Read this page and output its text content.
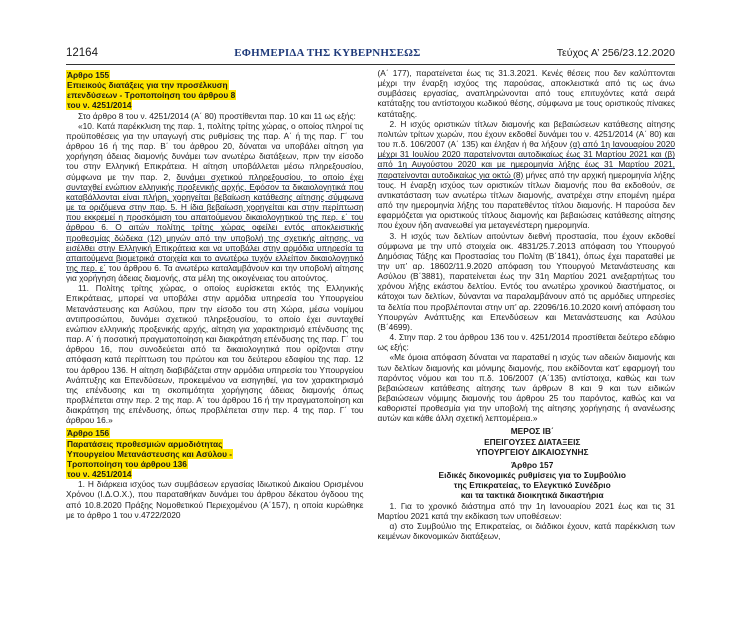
12164	ΕΦΗΜΕΡΙΔΑ ΤΗΣ ΚΥΒΕΡΝΗΣΕΩΣ	Τεύχος Α’ 256/23.12.2020
Άρθρο 155
Επιεικούς διατάξεις για την προσέλκυση
επενδύσεων - Τροποποίηση του άρθρου 8
του ν. 4251/2014

Στο άρθρο 8 του ν. 4251/2014 (Α΄ 80) προστίθενται παρ. 10 και 11 ως εξής:

«10. Κατά παρέκκλιση της παρ. 1, πολίτης τρίτης χώρας, ο οποίος πληροί τις προϋποθέσεις για την υπαγωγή στις ρυθμίσεις της παρ. Α΄ ή της παρ. Γ΄ του άρθρου 16 ή της παρ. Β΄ του άρθρου 20, δύναται να υποβάλει αίτηση για χορήγηση άδειας διαμονής δυνάμει των ανωτέρω διατάξεων, πριν την είσοδο του στην Ελληνική Επικράτεια. Η αίτηση υποβάλλεται μέσω πληρεξουσίου, σύμφωνα με την παρ. 2, δυνάμει σχετικού πληρεξουσίου, το οποίο έχει συνταχθεί ενώπιον ελληνικής προξενικής αρχής. Εφόσον τα δικαιολογητικά που καταβάλλονται είναι πλήρη, χορηγείται βεβαίωση κατάθεσης αίτησης σύμφωνα με τα οριζόμενα στην παρ. 5. Η ίδια βεβαίωση χορηγείται και στην περίπτωση που εκκρεμεί η προσκόμιση του απαιτούμενου δικαιολογητικού της περ. ε΄ του άρθρου 6. Ο αιτών πολίτης τρίτης χώρας οφείλει εντός αποκλειστικής προθεσμίας δώδεκα (12) μηνών από την υποβολή της σχετικής αίτησης, να εισέλθει στην Ελληνική Επικράτεια και να υποβάλει στην αρμόδια υπηρεσία τα απαιτούμενα βιομετρικά στοιχεία και το ανωτέρω τυχόν ελλείπον δικαιολογητικό της περ. ε΄ του άρθρου 6. Τα ανωτέρω καταλαμβάνουν και την υποβολή αίτησης για χορήγηση άδειας διαμονής, στα μέλη της οικογένειας του αιτούντος.

11. Πολίτης τρίτης χώρας, ο οποίος ευρίσκεται εκτός της Ελληνικής Επικράτειας, μπορεί να υποβάλει στην αρμόδια υπηρεσία του Υπουργείου Μετανάστευσης και Ασύλου, πριν την είσοδο του στη Χώρα, μέσω νομίμου αντιπροσώπου, δυνάμει σχετικού πληρεξουσίου, το οποίο έχει συνταχθεί ενώπιον ελληνικής προξενικής αρχής, αίτηση για χαρακτηρισμό επένδυσης της παρ. Α΄ ή ποσοτική πραγματοποίηση και διακράτηση επένδυσης της παρ. Γ΄ του άρθρου 16, που συνοδεύεται από τα δικαιολογητικά που ορίζονται στην απόφαση κατά περίπτωση του πρώτου και του δεύτερου εδαφίου της παρ. 12 του άρθρου 136. Η αίτηση διαβιβάζεται στην αρμόδια υπηρεσία του Υπουργείου Ανάπτυξης και Επενδύσεων, προκειμένου να εισηγηθεί, για τον χαρακτηρισμό της επένδυσης και τη σκοπιμότητα χορήγησης άδειας διαμονής όπως προβλέπεται στην περ. 2 της παρ. Α΄ του άρθρου 16 ή την πραγματοποίηση και διακράτηση της επένδυσης, όπως προβλέπεται στην περ. 4 της παρ. Γ΄ του άρθρου 16.»

Άρθρο 156
Παρατάσεις προθεσμιών αρμοδιότητας
Υπουργείου Μετανάστευσης και Ασύλου -
Τροποποίηση του άρθρου 136
του ν. 4251/2014

1. Η διάρκεια ισχύος των συμβάσεων εργασίας Ιδιωτικού Δικαίου Ορισμένου Χρόνου (Ι.Δ.Ο.Χ.), που παραταθήκαν δυνάμει του άρθρου δέκατου όγδοου της από 10.8.2020 Πράξης Νομοθετικού Περιεχομένου (Α΄157), η οποία κυρώθηκε με το άρθρο 1 του ν.4722/2020

(Α΄ 177), παρατείνεται έως τις 31.3.2021. Κενές θέσεις που δεν καλύπτονται μέχρι την έναρξη ισχύος της παρούσας, αποκλειστικά από τις ως άνω συμβάσεις εργασίας, αναπληρώνονται από τους επιτυχόντες κατά σειρά κατάταξης του αντίστοιχου κωδικού θέσης, σύμφωνα με τους οριστικούς πίνακες κατάταξης.

2. Η ισχύς οριστικών τίτλων διαμονής και βεβαιώσεων κατάθεσης αίτησης πολιτών τρίτων χωρών, που έχουν εκδοθεί δυνάμει του ν. 4251/2014 (Α΄ 80) και του π.δ. 106/2007 (Α΄ 135) και έληξαν ή θα λήξουν (α) από 1η Ιανουαρίου 2020 μέχρι 31 Ιουλίου 2020 παρατείνονται αυτοδικαίως έως 31 Μαρτίου 2021 και (β) από 1η Αυγούστου 2020 και με ημερομηνία λήξης έως 31 Μαρτίου 2021, παρατείνονται αυτοδικαίως για οκτώ (8) μήνες από την αρχική ημερομηνία λήξης τους. Η έναρξη ισχύος των οριστικών τίτλων διαμονής που θα εκδοθούν, σε αντικατάσταση των ανωτέρω τίτλων διαμονής, ανατρέχει στην επομένη ημέρα από την ημερομηνία λήξης του παρατεθέντος τίτλου διαμονής. Η παρούσα δεν εφαρμόζεται για οριστικούς τίτλους διαμονής και βεβαιώσεις κατάθεσης αίτησης που έχουν ήδη ανανεωθεί για μεταγενέστερη ημερομηνία.

3. Η ισχύς των δελτίων αιτούντων διεθνή προστασία, που έχουν εκδοθεί σύμφωνα με την υπό στοιχεία οικ. 4831/25.7.2013 απόφαση του Υπουργού Δημόσιας Τάξης και Προστασίας του Πολίτη (Β΄1841), όπως έχει παραταθεί με την υπ’ αρ. 18602/11.9.2020 απόφαση του Υπουργού Μετανάστευσης και Ασύλου (Β΄3881), παρατείνεται έως την 31η Μαρτίου 2021 ανεξαρτήτως του χρόνου λήξης εκάστου δελτίου. Εντός του ανωτέρω χρονικού διαστήματος, οι κάτοχοι των δελτίων, δύνανται να παραλαμβάνουν από τις αρμόδιες υπηρεσίες τα δελτία που προβλέπονται στην υπ’ αρ. 22096/16.10.2020 κοινή απόφαση του Υπουργών Ανάπτυξης και Επενδύσεων και Μετανάστευσης και Ασύλου (Β΄4699).

4. Στην παρ. 2 του άρθρου 136 του ν. 4251/2014 προστίθεται δεύτερο εδάφιο ως εξής:

«Με όμοια απόφαση δύναται να παραταθεί η ισχύς των αδειών διαμονής και των δελτίων διαμονής και μόνιμης διαμονής, που εκδίδονται κατ’ εφαρμογή του παρόντος νόμου και του π.δ. 106/2007 (Α΄135) αντίστοιχα, καθώς και των βεβαιώσεων κατάθεσης αίτησης των άρθρων 8 και 9 και των ειδικών βεβαιώσεων νόμιμης διαμονής του άρθρου 25 του παρόντος, καθώς και να καθοριστεί προθεσμία για την υποβολή της αίτησης χορήγησης ή ανανέωσης αυτών και κάθε άλλη σχετική λεπτομέρεια.»

ΜΕΡΟΣ ΙΒ΄

ΕΠΕΙΓΟΥΣΕΣ ΔΙΑΤΑΞΕΙΣ

ΥΠΟΥΡΓΕΙΟΥ ΔΙΚΑΙΟΣΥΝΗΣ

Άρθρο 157

Ειδικές δικονομικές ρυθμίσεις για το Συμβούλιο

της Επικρατείας, το Ελεγκτικό Συνέδριο

και τα τακτικά διοικητικά δικαστήρια

1. Για το χρονικό διάστημα από την 1η Ιανουαρίου 2021 έως και τις 31 Μαρτίου 2021 κατά την εκδίκαση των υποθέσεων:

α) στο Συμβούλιο της Επικρατείας, οι διάδικοι έχουν, κατά παρέκκλιση των κειμένων δικονομικών διατάξεων,
